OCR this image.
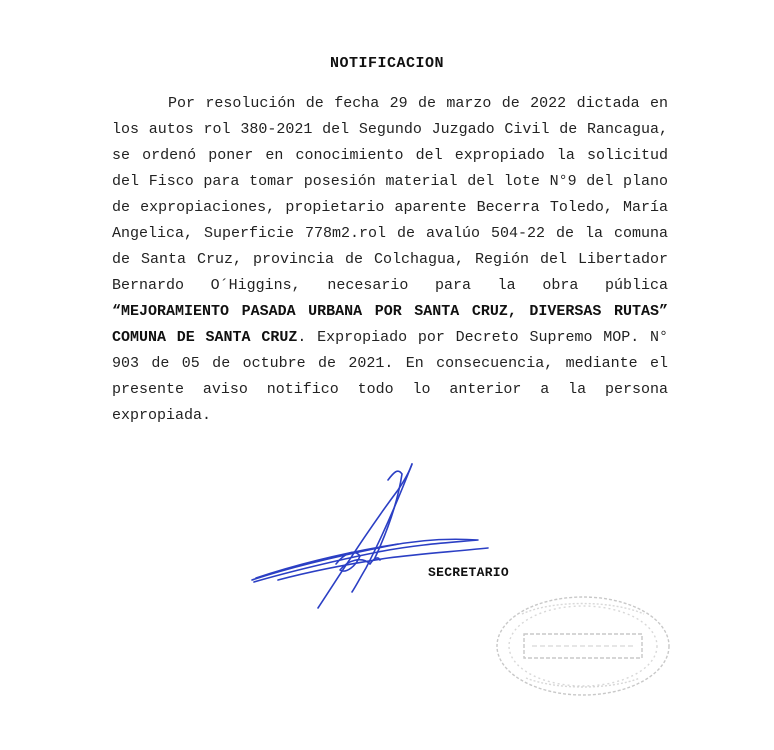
NOTIFICACION

Por resolución de fecha 29 de marzo de 2022 dictada en los autos rol 380-2021 del Segundo Juzgado Civil de Rancagua, se ordenó poner en conocimiento del expropiado la solicitud del Fisco para tomar posesión material del lote N°9 del plano de expropiaciones, propietario aparente Becerra Toledo, María Angelica, Superficie 778m2.rol de avalúo 504-22 de la comuna de Santa Cruz, provincia de Colchagua, Región del Libertador Bernardo O´Higgins, necesario para la obra pública “MEJORAMIENTO PASADA URBANA POR SANTA CRUZ, DIVERSAS RUTAS” COMUNA DE SANTA CRUZ. Expropiado por Decreto Supremo MOP. N° 903 de 05 de octubre de 2021. En consecuencia, mediante el presente aviso notifico todo lo anterior a la persona expropiada.

SECRETARIO
